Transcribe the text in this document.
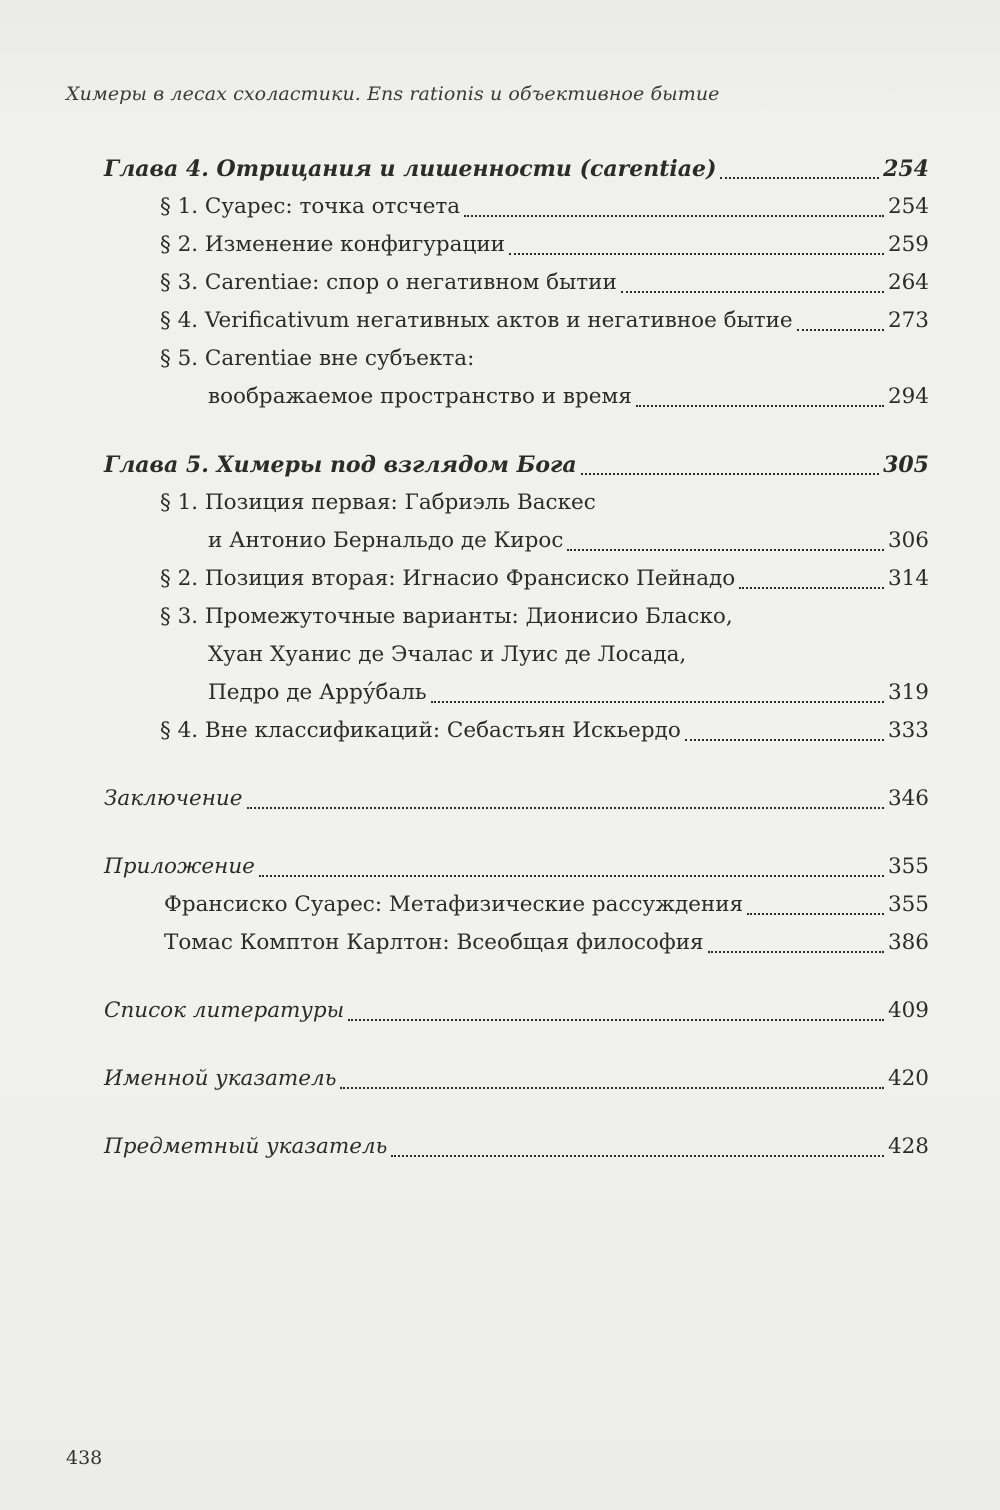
Химеры в лесах схоластики. Ens rationis и объективное бытие
Глава 4. Отрицания и лишенности (carentiae)	254
§ 1. Суарес: точка отсчета	254
§ 2. Изменение конфигурации	259
§ 3. Carentiae: спор о негативном бытии	264
§ 4. Verificativum негативных актов и негативное бытие	273
§ 5. Carentiae вне субъекта:
воображаемое пространство и время	294
Глава 5. Химеры под взглядом Бога	305
§ 1. Позиция первая: Габриэль Васкес
и Антонио Бернальдо де Кирос	306
§ 2. Позиция вторая: Игнасио Франсиско Пейнадо	314
§ 3. Промежуточные варианты: Дионисио Бласко,
Хуан Хуанис де Эчалас и Луис де Лосада,
Педро де Арру́баль	319
§ 4. Вне классификаций: Себастьян Искьердо	333
Заключение	346
Приложение	355
Франсиско Суарес: Метафизические рассуждения	355
Томас Комптон Карлтон: Всеобщая философия	386
Список литературы	409
Именной указатель	420
Предметный указатель	428
438
